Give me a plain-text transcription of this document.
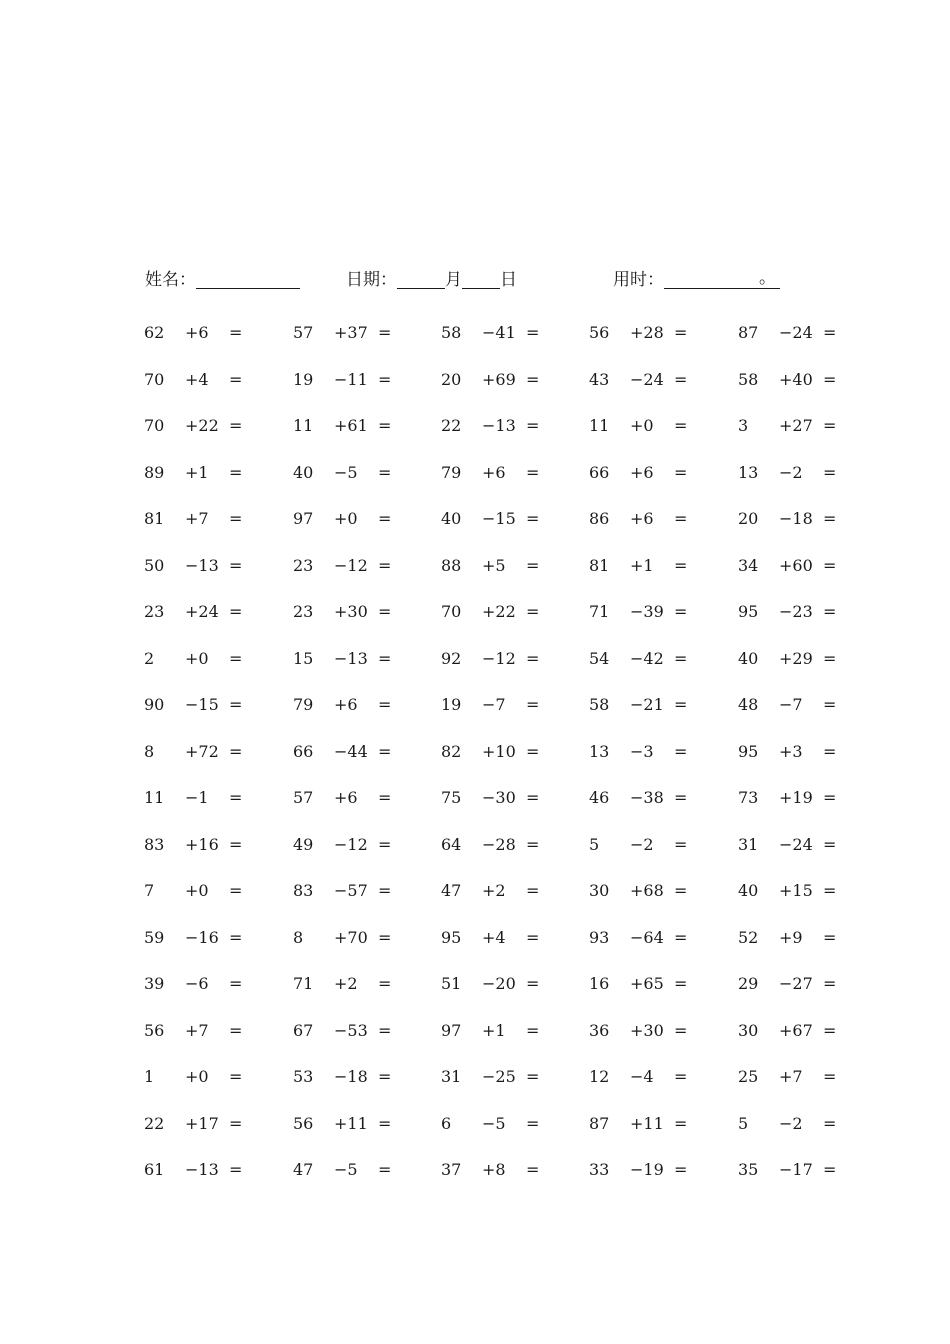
姓名：	日期：	月 日	用时：	。
62 +6 =	57 +37 =	58 −41 =	56 +28 =	87 −24 =
70 +4 =	19 −11 =	20 +69 =	43 −24 =	58 +40 =
70 +22 =	11 +61 =	22 −13 =	11 +0 =	3 +27 =
89 +1 =	40 −5 =	79 +6 =	66 +6 =	13 −2 =
81 +7 =	97 +0 =	40 −15 =	86 +6 =	20 −18 =
50 −13 =	23 −12 =	88 +5 =	81 +1 =	34 +60 =
23 +24 =	23 +30 =	70 +22 =	71 −39 =	95 −23 =
2 +0 =	15 −13 =	92 −12 =	54 −42 =	40 +29 =
90 −15 =	79 +6 =	19 −7 =	58 −21 =	48 −7 =
8 +72 =	66 −44 =	82 +10 =	13 −3 =	95 +3 =
11 −1 =	57 +6 =	75 −30 =	46 −38 =	73 +19 =
83 +16 =	49 −12 =	64 −28 =	5 −2 =	31 −24 =
7 +0 =	83 −57 =	47 +2 =	30 +68 =	40 +15 =
59 −16 =	8 +70 =	95 +4 =	93 −64 =	52 +9 =
39 −6 =	71 +2 =	51 −20 =	16 +65 =	29 −27 =
56 +7 =	67 −53 =	97 +1 =	36 +30 =	30 +67 =
1 +0 =	53 −18 =	31 −25 =	12 −4 =	25 +7 =
22 +17 =	56 +11 =	6 −5 =	87 +11 =	5 −2 =
61 −13 =	47 −5 =	37 +8 =	33 −19 =	35 −17 =
